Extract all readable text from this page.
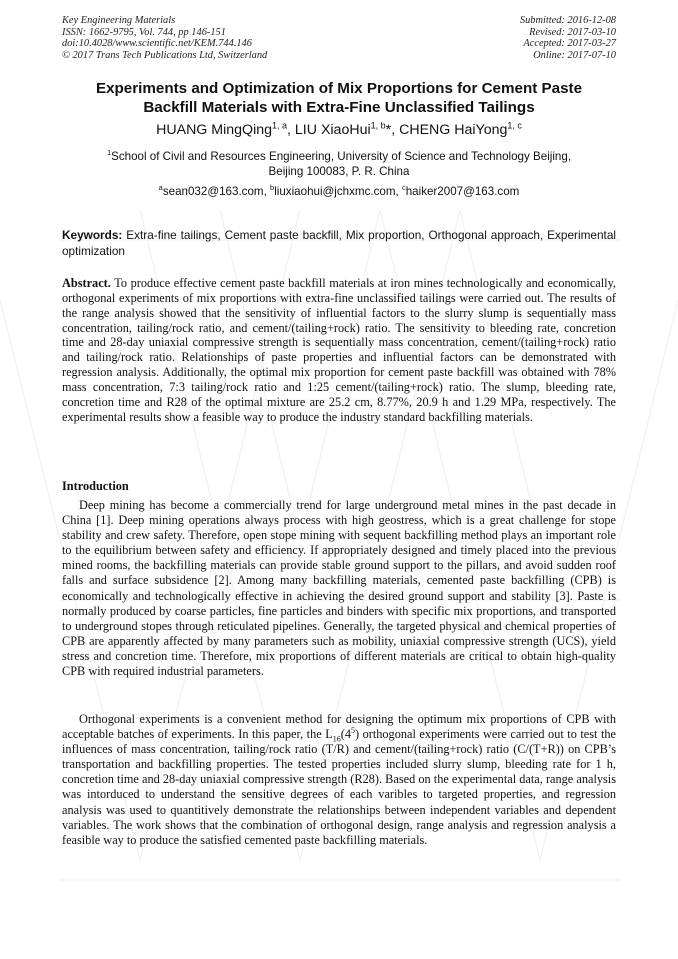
Key Engineering Materials
ISSN: 1662-9795, Vol. 744, pp 146-151
doi:10.4028/www.scientific.net/KEM.744.146
© 2017 Trans Tech Publications Ltd, Switzerland
Submitted: 2016-12-08
Revised: 2017-03-10
Accepted: 2017-03-27
Online: 2017-07-10
Experiments and Optimization of Mix Proportions for Cement Paste
Backfill Materials with Extra-Fine Unclassified Tailings
HUANG MingQing$^{1, a}$, LIU XiaoHui$^{1, b}$*, CHENG HaiYong$^{1, c}$
$^1$School of Civil and Resources Engineering, University of Science and Technology Beijing,
Beijing 100083, P. R. China
$^a$sean032@163.com, $^b$liuxiaohui@jchxmc.com, $^c$haiker2007@163.com
Keywords: Extra-fine tailings, Cement paste backfill, Mix proportion, Orthogonal approach, Experimental optimization
Abstract. To produce effective cement paste backfill materials at iron mines technologically and economically, orthogonal experiments of mix proportions with extra-fine unclassified tailings were carried out. The results of the range analysis showed that the sensitivity of influential factors to the slurry slump is sequentially mass concentration, tailing/rock ratio, and cement/(tailing+rock) ratio. The sensitivity to bleeding rate, concretion time and 28-day uniaxial compressive strength is sequentially mass concentration, cement/(tailing+rock) ratio and tailing/rock ratio. Relationships of paste properties and influential factors can be demonstrated with regression analysis. Additionally, the optimal mix proportion for cement paste backfill was obtained with 78% mass concentration, 7:3 tailing/rock ratio and 1:25 cement/(tailing+rock) ratio. The slump, bleeding rate, concretion time and R28 of the optimal mixture are 25.2 cm, 8.77%, 20.9 h and 1.29 MPa, respectively. The experimental results show a feasible way to produce the industry standard backfilling materials.
Introduction
Deep mining has become a commercially trend for large underground metal mines in the past decade in China [1]. Deep mining operations always process with high geostress, which is a great challenge for stope stability and crew safety. Therefore, open stope mining with sequent backfilling method plays an important role to the equilibrium between safety and efficiency. If appropriately designed and timely placed into the previous mined rooms, the backfilling materials can provide stable ground support to the pillars, and avoid sudden roof falls and surface subsidence [2]. Among many backfilling materials, cemented paste backfilling (CPB) is economically and technologically effective in achieving the desired ground support and stability [3]. Paste is normally produced by coarse particles, fine particles and binders with specific mix proportions, and transported to underground stopes through reticulated pipelines. Generally, the targeted physical and chemical properties of CPB are apparently affected by many parameters such as mobility, uniaxial compressive strength (UCS), yield stress and concretion time. Therefore, mix proportions of different materials are critical to obtain high-quality CPB with required industrial parameters.
Orthogonal experiments is a convenient method for designing the optimum mix proportions of CPB with acceptable batches of experiments. In this paper, the $L_{16}(4^5)$ orthogonal experiments were carried out to test the influences of mass concentration, tailing/rock ratio (T/R) and cement/(tailing+rock) ratio (C/(T+R)) on CPB’s transportation and backfilling properties. The tested properties included slurry slump, bleeding rate for 1 h, concretion time and 28-day uniaxial compressive strength (R28). Based on the experimental data, range analysis was intorduced to understand the sensitive degrees of each varibles to targeted properties, and regression analysis was used to quantitively demonstrate the relationships between independent variables and dependent variables. The work shows that the combination of orthogonal design, range analysis and regression analysis a feasible way to produce the satisfied cemented paste backfilling materials.
